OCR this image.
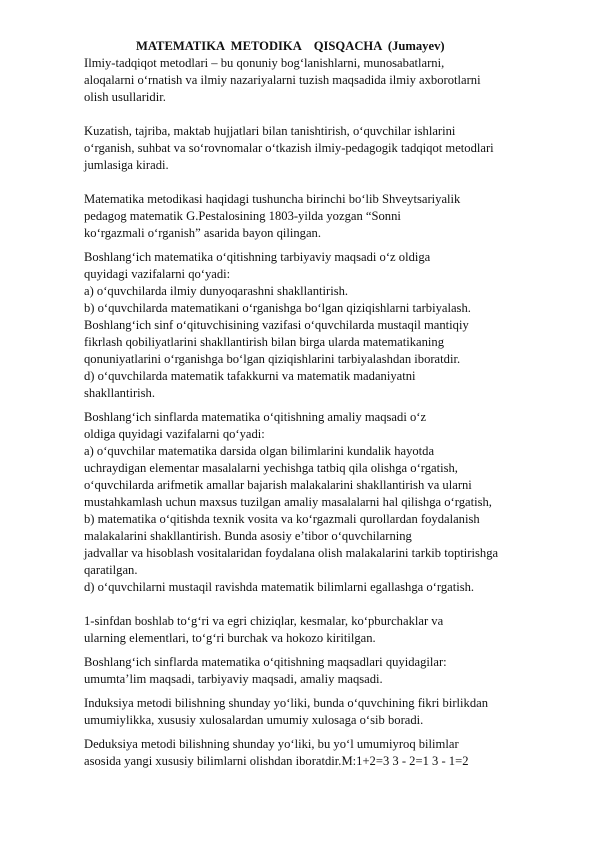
MATEMATIKA  METODIKA    QISQACHA  (Jumayev)

Ilmiy-tadqiqot metodlari – bu qonuniy bog‘lanishlarni, munosabatlarni,
aloqalarni o‘rnatish va ilmiy nazariyalarni tuzish maqsadida ilmiy axborotlarni
olish usullaridir.

Kuzatish, tajriba, maktab hujjatlari bilan tanishtirish, o‘quvchilar ishlarini
o‘rganish, suhbat va so‘rovnomalar o‘tkazish ilmiy-pedagogik tadqiqot metodlari
jumlasiga kiradi.

Matematika metodikasi haqidagi tushuncha birinchi bo‘lib Shveytsariyalik
pedagog matematik G.Pestalosining 1803-yilda yozgan “Sonni
ko‘rgazmali o‘rganish” asarida bayon qilingan.

Boshlang‘ich matematika o‘qitishning tarbiyaviy maqsadi o‘z oldiga
quyidagi vazifalarni qo‘yadi:
a) o‘quvchilarda ilmiy dunyoqarashni shakllantirish.
b) o‘quvchilarda matematikani o‘rganishga bo‘lgan qiziqishlarni tarbiyalash.
Boshlang‘ich sinf o‘qituvchisining vazifasi o‘quvchilarda mustaqil mantiqiy
fikrlash qobiliyatlarini shakllantirish bilan birga ularda matematikaning
qonuniyatlarini o‘rganishga bo‘lgan qiziqishlarini tarbiyalashdan iboratdir.
d) o‘quvchilarda matematik tafakkurni va matematik madaniyatni
shakllantirish.

Boshlang‘ich sinflarda matematika o‘qitishning amaliy maqsadi o‘z
oldiga quyidagi vazifalarni qo‘yadi:
a) o‘quvchilar matematika darsida olgan bilimlarini kundalik hayotda
uchraydigan elementar masalalarni yechishga tatbiq qila olishga o‘rgatish,
o‘quvchilarda arifmetik amallar bajarish malakalarini shakllantirish va ularni
mustahkamlash uchun maxsus tuzilgan amaliy masalalarni hal qilishga o‘rgatish,
b) matematika o‘qitishda texnik vosita va ko‘rgazmali qurollardan foydalanish
malakalarini shakllantirish. Bunda asosiy e’tibor o‘quvchilarning
jadvallar va hisoblash vositalaridan foydalana olish malakalarini tarkib toptirishga
qaratilgan.
d) o‘quvchilarni mustaqil ravishda matematik bilimlarni egallashga o‘rgatish.

1-sinfdan boshlab to‘g‘ri va egri chiziqlar, kesmalar, ko‘pburchaklar va
ularning elementlari, to‘g‘ri burchak va hokozo kiritilgan.

Boshlang‘ich sinflarda matematika o‘qitishning maqsadlari quyidagilar:
umumta’lim maqsadi, tarbiyaviy maqsadi, amaliy maqsadi.

Induksiya metodi bilishning shunday yo‘liki, bunda o‘quvchining fikri birlikdan
umumiylikka, xususiy xulosalardan umumiy xulosaga o‘sib boradi.

Deduksiya metodi bilishning shunday yo‘liki, bu yo‘l umumiyroq bilimlar
asosida yangi xususiy bilimlarni olishdan iboratdir.M:1+2=3 3 - 2=1 3 - 1=2
